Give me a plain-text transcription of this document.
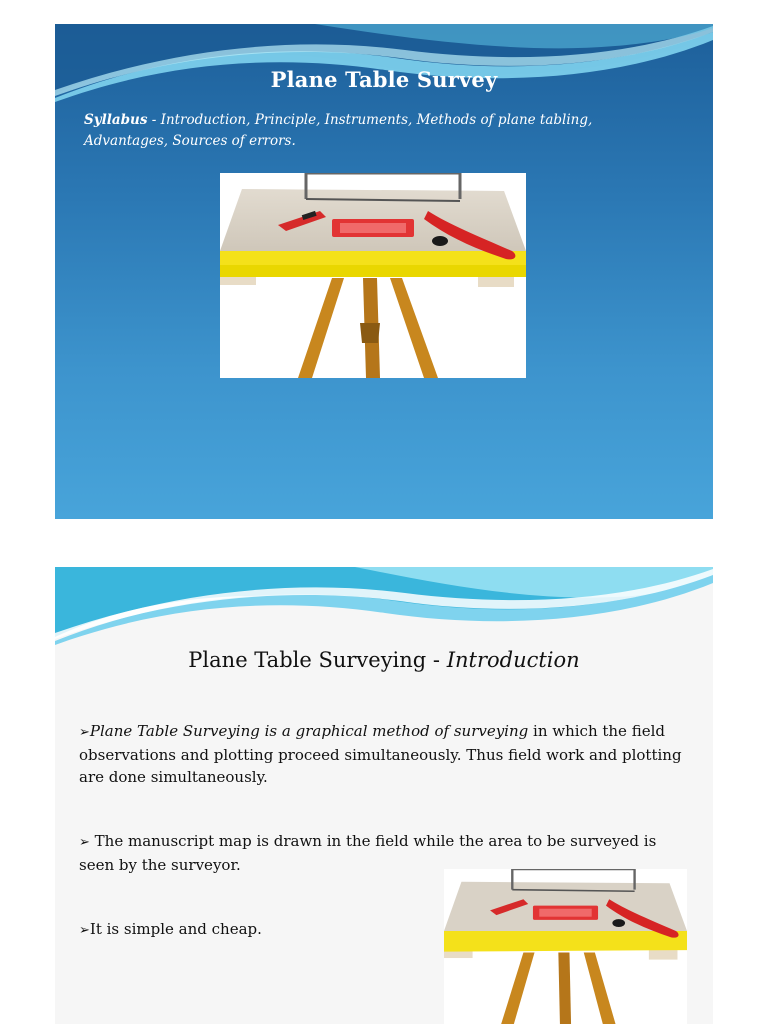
Plane Table Survey
Syllabus - Introduction, Principle, Instruments, Methods of plane tabling,
Advantages, Sources of errors.
Plane Table Surveying - Introduction
➢Plane Table Surveying is a graphical method of surveying in which the field
observations and plotting proceed simultaneously. Thus field work and plotting
are done simultaneously.
➢ The manuscript map is drawn in the field while the area to be surveyed is
seen by the surveyor.
➢It is simple and cheap.
